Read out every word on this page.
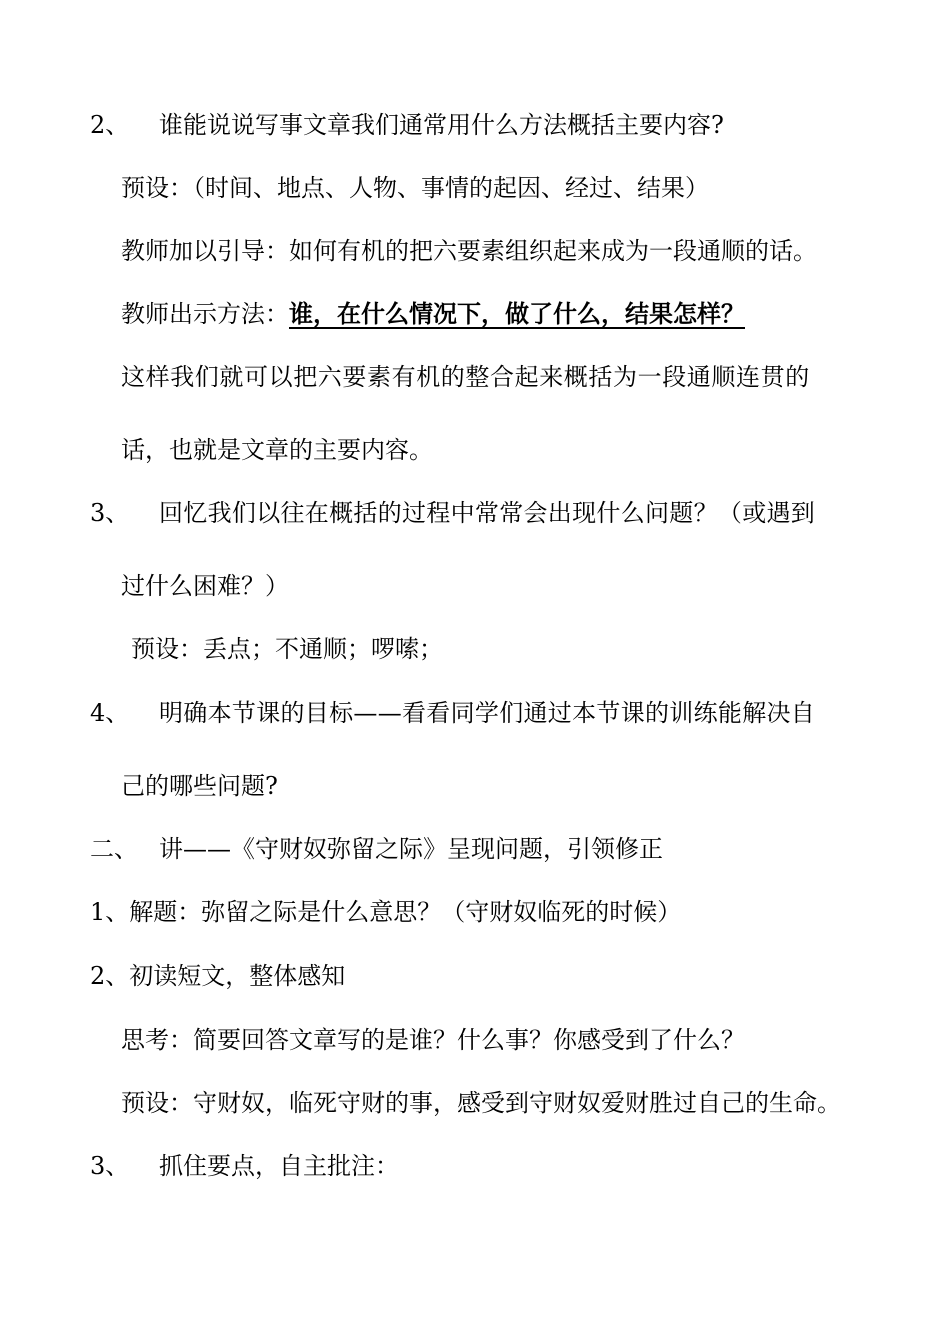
2、 谁能说说写事文章我们通常用什么方法概括主要内容?
预设：（时间、地点、人物、事情的起因、经过、结果）
教师加以引导：如何有机的把六要素组织起来成为一段通顺的话。
教师出示方法：谁，在什么情况下，做了什么，结果怎样？
这样我们就可以把六要素有机的整合起来概括为一段通顺连贯的
话，也就是文章的主要内容。
3、 回忆我们以往在概括的过程中常常会出现什么问题？（或遇到
过什么困难？）
预设：丢点；不通顺；啰嗦；
4、 明确本节课的目标——看看同学们通过本节课的训练能解决自
己的哪些问题?
二、 讲——《守财奴弥留之际》呈现问题，引领修正
1、解题：弥留之际是什么意思？（守财奴临死的时候）
2、初读短文，整体感知
思考：简要回答文章写的是谁？什么事？你感受到了什么？
预设：守财奴，临死守财的事，感受到守财奴爱财胜过自己的生命。
3、 抓住要点，自主批注：
